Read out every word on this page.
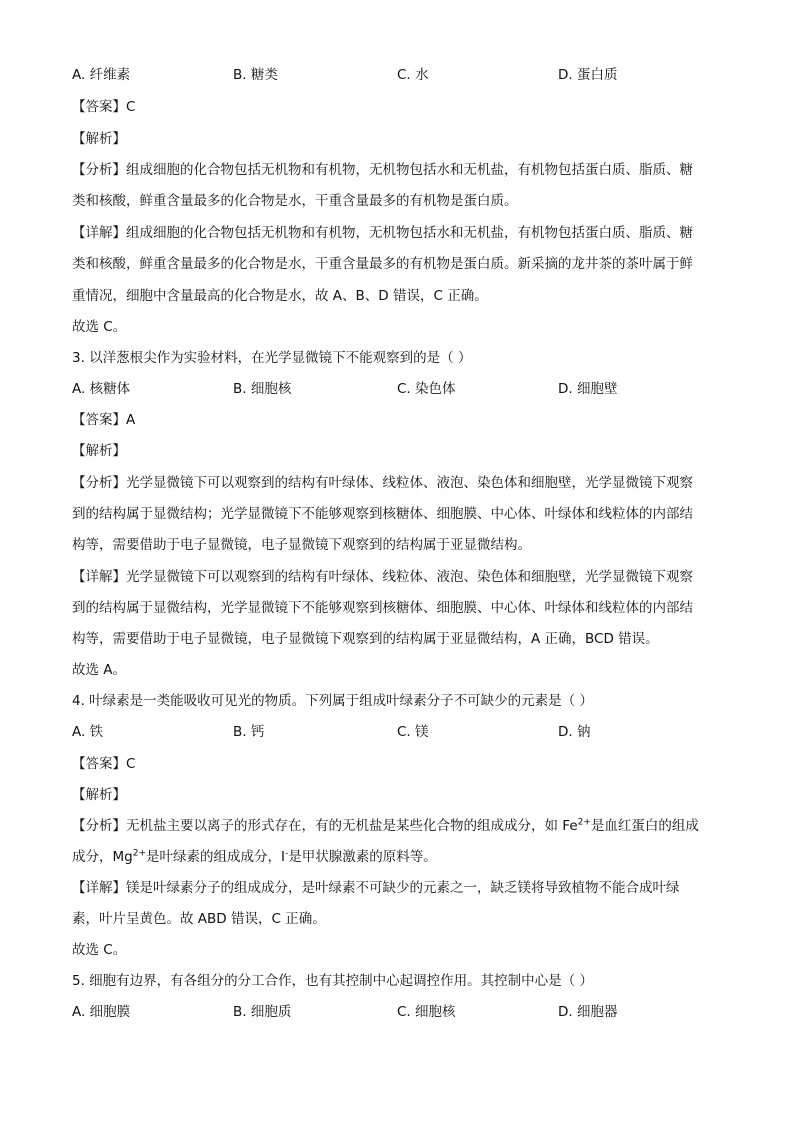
A. 纤维素	B. 糖类	C. 水	D. 蛋白质
【答案】C
【解析】
【分析】组成细胞的化合物包括无机物和有机物，无机物包括水和无机盐，有机物包括蛋白质、脂质、糖
类和核酸，鲜重含量最多的化合物是水，干重含量最多的有机物是蛋白质。
【详解】组成细胞的化合物包括无机物和有机物，无机物包括水和无机盐，有机物包括蛋白质、脂质、糖
类和核酸，鲜重含量最多的化合物是水，干重含量最多的有机物是蛋白质。新采摘的龙井茶的茶叶属于鲜
重情况，细胞中含量最高的化合物是水，故 A、B、D 错误，C 正确。
故选 C。
3. 以洋葱根尖作为实验材料，在光学显微镜下不能观察到的是（ ）
A. 核糖体	B. 细胞核	C. 染色体	D. 细胞壁
【答案】A
【解析】
【分析】光学显微镜下可以观察到的结构有叶绿体、线粒体、液泡、染色体和细胞壁，光学显微镜下观察
到的结构属于显微结构；光学显微镜下不能够观察到核糖体、细胞膜、中心体、叶绿体和线粒体的内部结
构等，需要借助于电子显微镜，电子显微镜下观察到的结构属于亚显微结构。
【详解】光学显微镜下可以观察到的结构有叶绿体、线粒体、液泡、染色体和细胞壁，光学显微镜下观察
到的结构属于显微结构，光学显微镜下不能够观察到核糖体、细胞膜、中心体、叶绿体和线粒体的内部结
构等，需要借助于电子显微镜，电子显微镜下观察到的结构属于亚显微结构，A 正确，BCD 错误。
故选 A。
4. 叶绿素是一类能吸收可见光的物质。下列属于组成叶绿素分子不可缺少的元素是（ ）
A. 铁	B. 钙	C. 镁	D. 钠
【答案】C
【解析】
【分析】无机盐主要以离子的形式存在，有的无机盐是某些化合物的组成成分，如 $Fe^{2+}$是血红蛋白的组成
成分，$Mg^{2+}$是叶绿素的组成成分，I-是甲状腺激素的原料等。
【详解】镁是叶绿素分子的组成成分，是叶绿素不可缺少的元素之一，缺乏镁将导致植物不能合成叶绿
素，叶片呈黄色。故 ABD 错误，C 正确。
故选 C。
5. 细胞有边界，有各组分的分工合作，也有其控制中心起调控作用。其控制中心是（ ）
A. 细胞膜	B. 细胞质	C. 细胞核	D. 细胞器
